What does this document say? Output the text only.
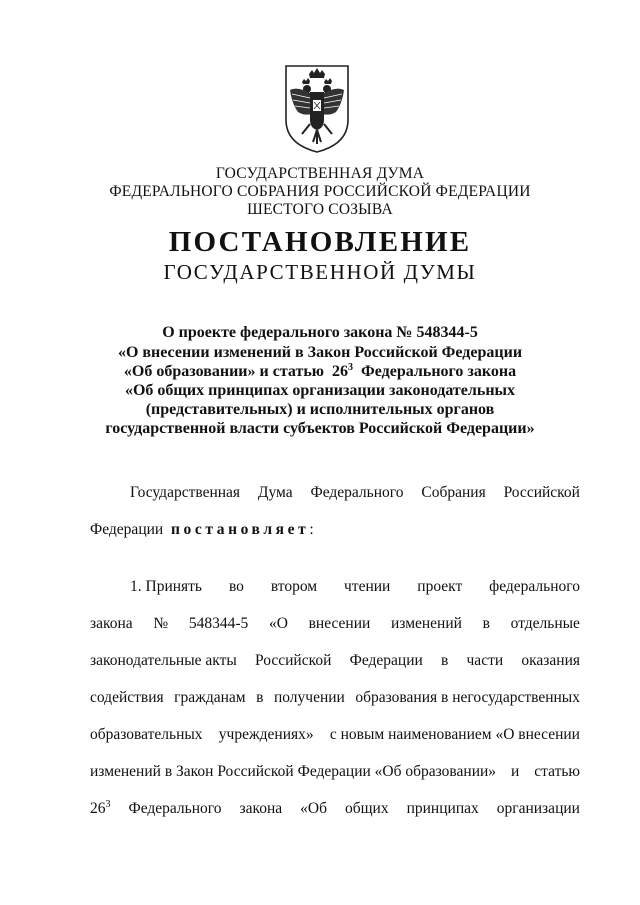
ГОСУДАРСТВЕННАЯ ДУМА
ФЕДЕРАЛЬНОГО СОБРАНИЯ РОССИЙСКОЙ ФЕДЕРАЦИИ
ШЕСТОГО СОЗЫВА
ПОСТАНОВЛЕНИЕ
ГОСУДАРСТВЕННОЙ ДУМЫ
О проекте федерального закона № 548344-5
«О внесении изменений в Закон Российской Федерации
«Об образовании» и статью  $26^3$  Федерального закона
«Об общих принципах организации законодательных
(представительных) и исполнительных органов
государственной власти субъектов Российской Федерации»
Государственная Дума Федерального Собрания Российской
Федерации постановляет:
1. Принять во втором чтении проект федерального
закона № 548344-5 «О внесении изменений в отдельные
законодательные акты Российской Федерации в части оказания
содействия гражданам в получении образования в негосударственных
образовательных учреждениях» с новым наименованием «О внесении
изменений в Закон Российской Федерации «Об образовании» и статью
$26^3$ Федерального закона «Об общих принципах организации
